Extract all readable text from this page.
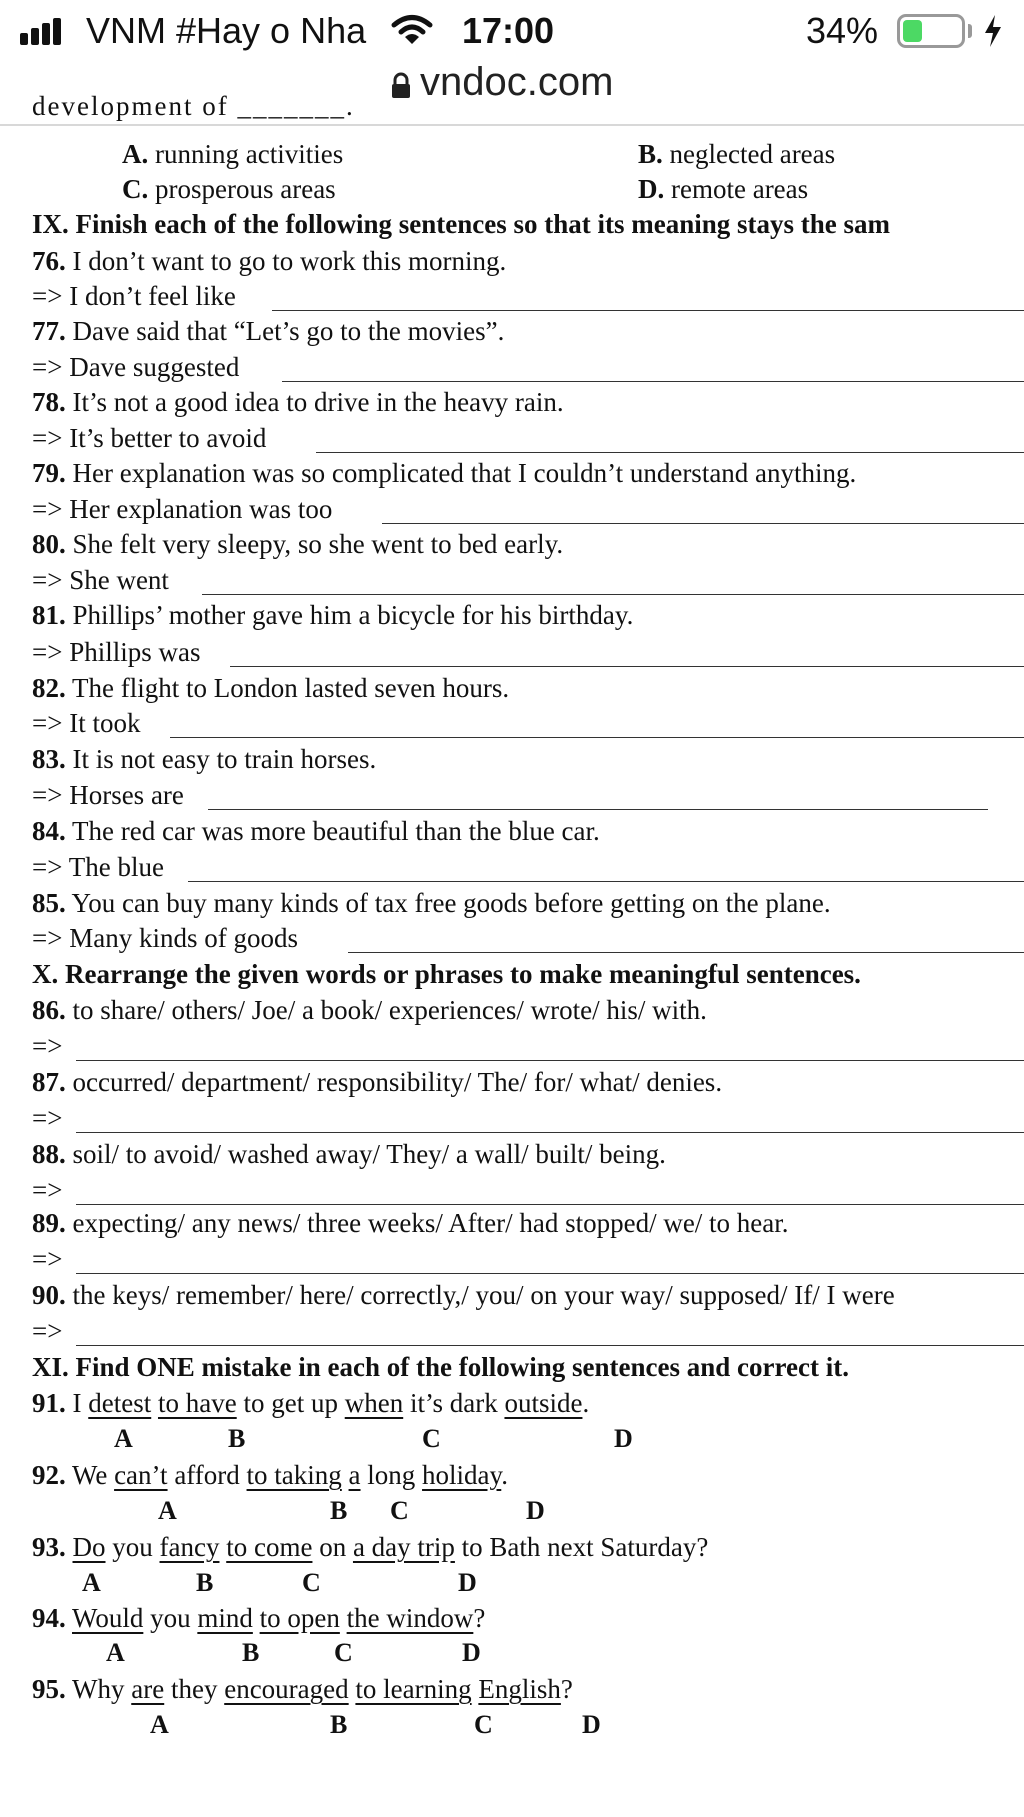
VNM #Hay o Nha	17:00	34%
vndoc.com
development of _______.
A. running activities	B. neglected areas
C. prosperous areas	D. remote areas
IX. Finish each of the following sentences so that its meaning stays the sam
76. I don’t want to go to work this morning.
=> I don’t feel like
77. Dave said that “Let’s go to the movies”.
=> Dave suggested
78. It’s not a good idea to drive in the heavy rain.
=> It’s better to avoid
79. Her explanation was so complicated that I couldn’t understand anything.
=> Her explanation was too
80. She felt very sleepy, so she went to bed early.
=> She went
81. Phillips’ mother gave him a bicycle for his birthday.
=> Phillips was
82. The flight to London lasted seven hours.
=> It took
83. It is not easy to train horses.
=> Horses are
84. The red car was more beautiful than the blue car.
=> The blue
85. You can buy many kinds of tax free goods before getting on the plane.
=> Many kinds of goods
X. Rearrange the given words or phrases to make meaningful sentences.
86. to share/ others/ Joe/ a book/ experiences/ wrote/ his/ with.
=>
87. occurred/ department/ responsibility/ The/ for/ what/ denies.
=>
88. soil/ to avoid/ washed away/ They/ a wall/ built/ being.
=>
89. expecting/ any news/ three weeks/ After/ had stopped/ we/ to hear.
=>
90. the keys/ remember/ here/ correctly,/ you/ on your way/ supposed/ If/ I were
=>
XI. Find ONE mistake in each of the following sentences and correct it.
91. I detest to have to get up when it’s dark outside.
A	B	C	D
92. We can’t afford to taking a long holiday.
A	B C	D
93. Do you fancy to come on a day trip to Bath next Saturday?
A	B	C	D
94. Would you mind to open the window?
A	B	C	D
95. Why are they encouraged to learning English?
A	B	C	D
